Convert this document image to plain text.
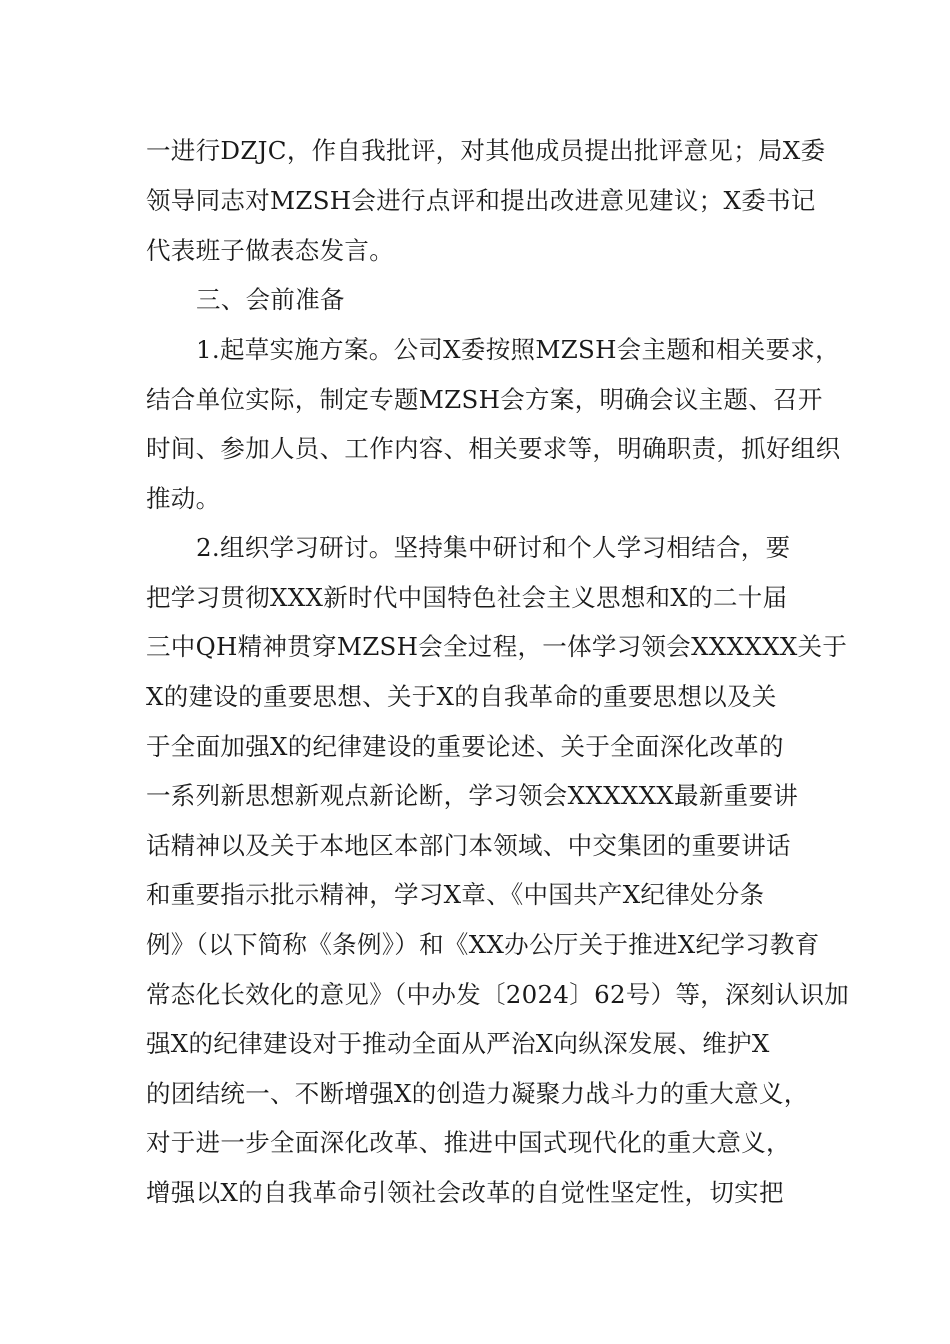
一进行DZJC，作自我批评，对其他成员提出批评意见；局X委
领导同志对MZSH会进行点评和提出改进意见建议；X委书记
代表班子做表态发言。
三、会前准备
1.起草实施方案。公司X委按照MZSH会主题和相关要求，
结合单位实际，制定专题MZSH会方案，明确会议主题、召开
时间、参加人员、工作内容、相关要求等，明确职责，抓好组织
推动。
2.组织学习研讨。坚持集中研讨和个人学习相结合，要
把学习贯彻XXX新时代中国特色社会主义思想和X的二十届
三中QH精神贯穿MZSH会全过程，一体学习领会XXXXXX关于
X的建设的重要思想、关于X的自我革命的重要思想以及关
于全面加强X的纪律建设的重要论述、关于全面深化改革的
一系列新思想新观点新论断，学习领会XXXXXX最新重要讲
话精神以及关于本地区本部门本领域、中交集团的重要讲话
和重要指示批示精神，学习X章、《中国共产X纪律处分条
例》（以下简称《条例》）和《XX办公厅关于推进X纪学习教育
常态化长效化的意见》（中办发〔2024〕62号）等，深刻认识加
强X的纪律建设对于推动全面从严治X向纵深发展、维护X
的团结统一、不断增强X的创造力凝聚力战斗力的重大意义，
对于进一步全面深化改革、推进中国式现代化的重大意义，
增强以X的自我革命引领社会改革的自觉性坚定性，切实把
